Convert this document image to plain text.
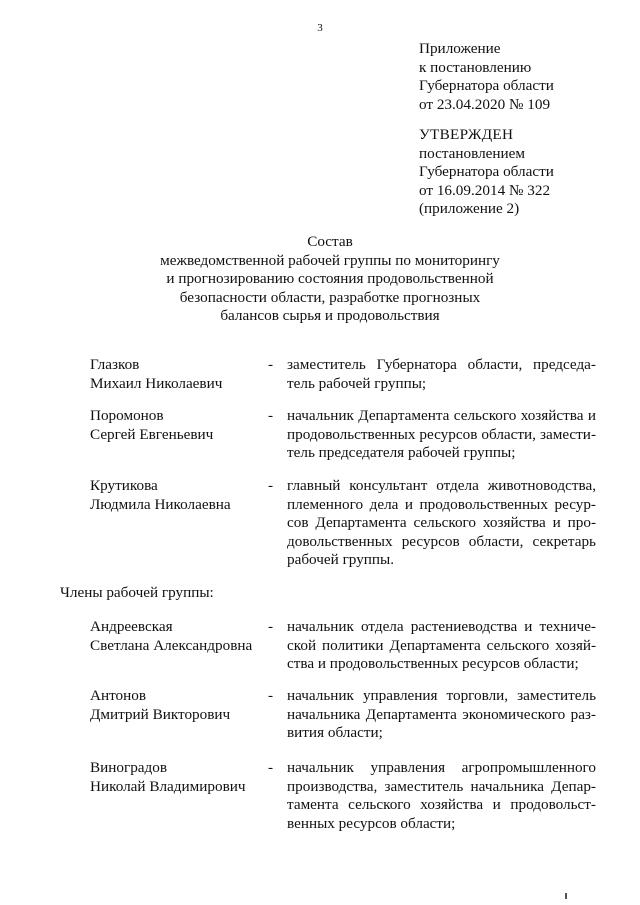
3
Приложение
к постановлению
Губернатора области
от 23.04.2020 № 109
УТВЕРЖДЕН
постановлением
Губернатора области
от 16.09.2014 № 322
(приложение 2)
Состав
межведомственной рабочей группы по мониторингу
и прогнозированию состояния продовольственной
безопасности области, разработке прогнозных
балансов сырья и продовольствия
Глазков
Михаил Николаевич
- заместитель Губернатора области, председа-
тель рабочей группы;
Поромонов
Сергей Евгеньевич
- начальник Департамента сельского хозяйства и
продовольственных ресурсов области, замести-
тель председателя рабочей группы;
Крутикова
Людмила Николаевна
- главный консультант отдела животноводства,
племенного дела и продовольственных ресур-
сов Департамента сельского хозяйства и про-
довольственных ресурсов области, секретарь
рабочей группы.
Члены рабочей группы:
Андреевская
Светлана Александровна
- начальник отдела растениеводства и техниче-
ской политики Департамента сельского хозяй-
ства и продовольственных ресурсов области;
Антонов
Дмитрий Викторович
- начальник управления торговли, заместитель
начальника Департамента экономического раз-
вития области;
Виноградов
Николай Владимирович
- начальник управления агропромышленного
производства, заместитель начальника Депар-
тамента сельского хозяйства и продовольст-
венных ресурсов области;
